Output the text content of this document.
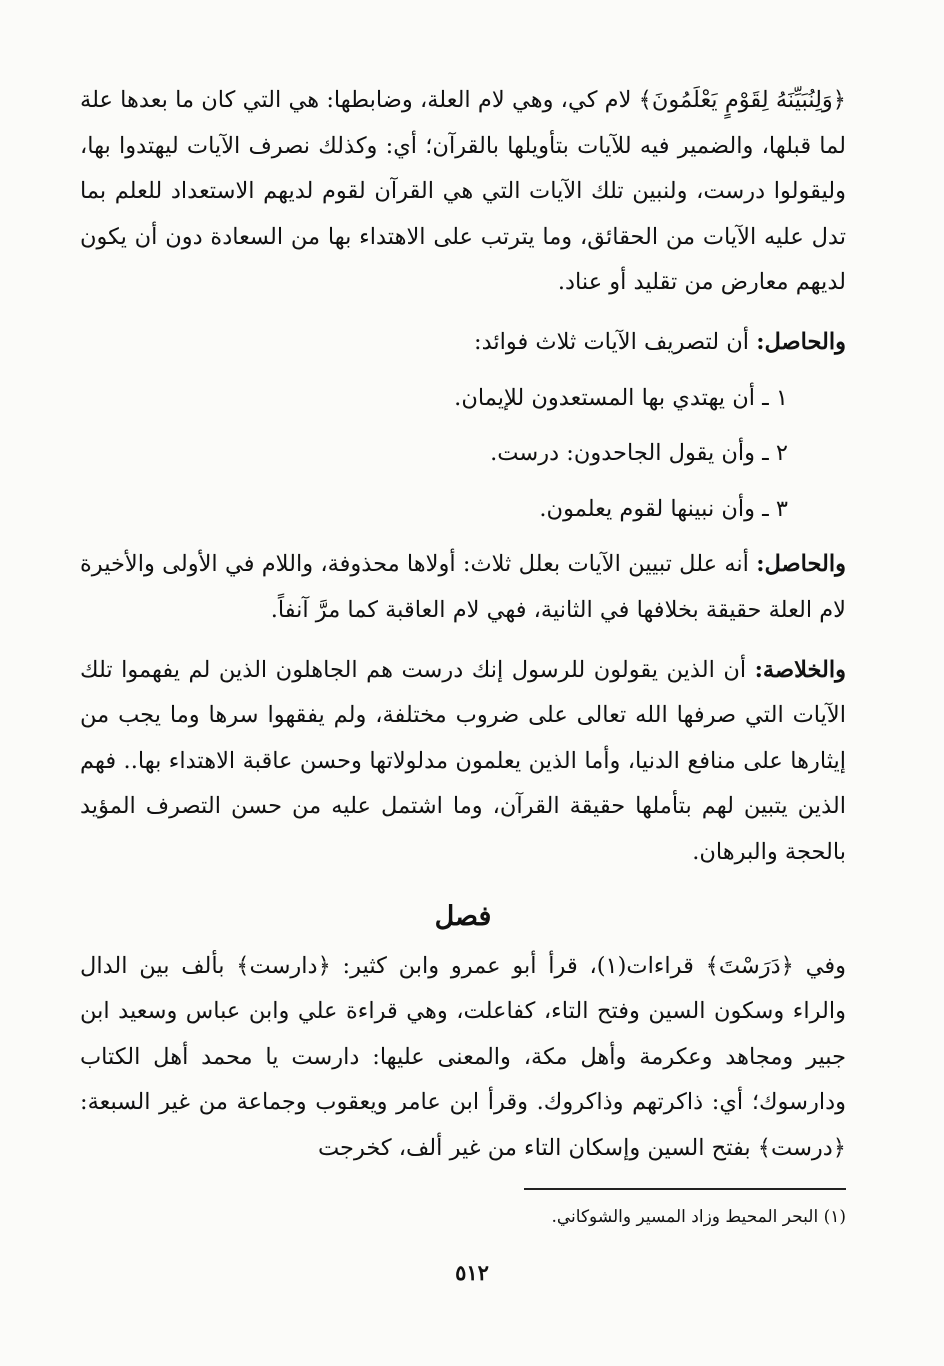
﴿وَلِنُبَيِّنَهُ لِقَوْمٍ يَعْلَمُونَ﴾ لام كي، وهي لام العلة، وضابطها: هي التي كان ما بعدها علة لما قبلها، والضمير فيه للآيات بتأويلها بالقرآن؛ أي: وكذلك نصرف الآيات ليهتدوا بها، وليقولوا درست، ولنبين تلك الآيات التي هي القرآن لقوم لديهم الاستعداد للعلم بما تدل عليه الآيات من الحقائق، وما يترتب على الاهتداء بها من السعادة دون أن يكون لديهم معارض من تقليد أو عناد.

والحاصل: أن لتصريف الآيات ثلاث فوائد:

١ ـ أن يهتدي بها المستعدون للإيمان.

٢ ـ وأن يقول الجاحدون: درست.

٣ ـ وأن نبينها لقوم يعلمون.

والحاصل: أنه علل تبيين الآيات بعلل ثلاث: أولاها محذوفة، واللام في الأولى والأخيرة لام العلة حقيقة بخلافها في الثانية، فهي لام العاقبة كما مرَّ آنفاً.

والخلاصة: أن الذين يقولون للرسول إنك درست هم الجاهلون الذين لم يفهموا تلك الآيات التي صرفها الله تعالى على ضروب مختلفة، ولم يفقهوا سرها وما يجب من إيثارها على منافع الدنيا، وأما الذين يعلمون مدلولاتها وحسن عاقبة الاهتداء بها.. فهم الذين يتبين لهم بتأملها حقيقة القرآن، وما اشتمل عليه من حسن التصرف المؤيد بالحجة والبرهان.

فصل

وفي ﴿دَرَسْتَ﴾ قراءات(١)، قرأ أبو عمرو وابن كثير: ﴿دارست﴾ بألف بين الدال والراء وسكون السين وفتح التاء، كفاعلت، وهي قراءة علي وابن عباس وسعيد ابن جبير ومجاهد وعكرمة وأهل مكة، والمعنى عليها: دارست يا محمد أهل الكتاب ودارسوك؛ أي: ذاكرتهم وذاكروك. وقرأ ابن عامر ويعقوب وجماعة من غير السبعة: ﴿درست﴾ بفتح السين وإسكان التاء من غير ألف، كخرجت

(١) البحر المحيط وزاد المسير والشوكاني.
٥١٢
